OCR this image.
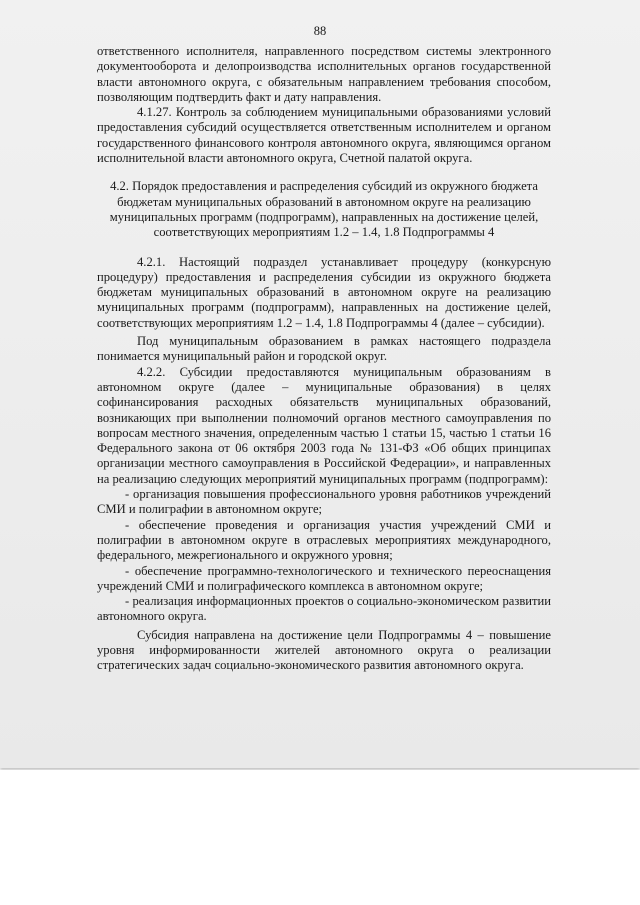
88

ответственного исполнителя, направленного посредством системы электронного документооборота и делопроизводства исполнительных органов государственной власти автономного округа, с обязательным направлением требования способом, позволяющим подтвердить факт и дату направления.

4.1.27. Контроль за соблюдением муниципальными образованиями условий предоставления субсидий осуществляется ответственным исполнителем и органом государственного финансового контроля автономного округа, являющимся органом исполнительной власти автономного округа, Счетной палатой округа.

4.2. Порядок предоставления и распределения субсидий из окружного бюджета бюджетам муниципальных образований в автономном округе на реализацию муниципальных программ (подпрограмм), направленных на достижение целей, соответствующих мероприятиям 1.2 – 1.4, 1.8 Подпрограммы 4

4.2.1. Настоящий подраздел устанавливает процедуру (конкурсную процедуру) предоставления и распределения субсидии из окружного бюджета бюджетам муниципальных образований в автономном округе на реализацию муниципальных программ (подпрограмм), направленных на достижение целей, соответствующих мероприятиям 1.2 – 1.4, 1.8 Подпрограммы 4 (далее – субсидии).

Под муниципальным образованием в рамках настоящего подраздела понимается муниципальный район и городской округ.

4.2.2. Субсидии предоставляются муниципальным образованиям в автономном округе (далее – муниципальные образования) в целях софинансирования расходных обязательств муниципальных образований, возникающих при выполнении полномочий органов местного самоуправления по вопросам местного значения, определенным частью 1 статьи 15, частью 1 статьи 16 Федерального закона от 06 октября 2003 года № 131-ФЗ «Об общих принципах организации местного самоуправления в Российской Федерации», и направленных на реализацию следующих мероприятий муниципальных программ (подпрограмм):

- организация повышения профессионального уровня работников учреждений СМИ и полиграфии в автономном округе;

- обеспечение проведения и организация участия учреждений СМИ и полиграфии в автономном округе в отраслевых мероприятиях международного, федерального, межрегионального и окружного уровня;

- обеспечение программно-технологического и технического переоснащения учреждений СМИ и полиграфического комплекса в автономном округе;

- реализация информационных проектов о социально-экономическом развитии автономного округа.

Субсидия направлена на достижение цели Подпрограммы 4 – повышение уровня информированности жителей автономного округа о реализации стратегических задач социально-экономического развития автономного округа.
